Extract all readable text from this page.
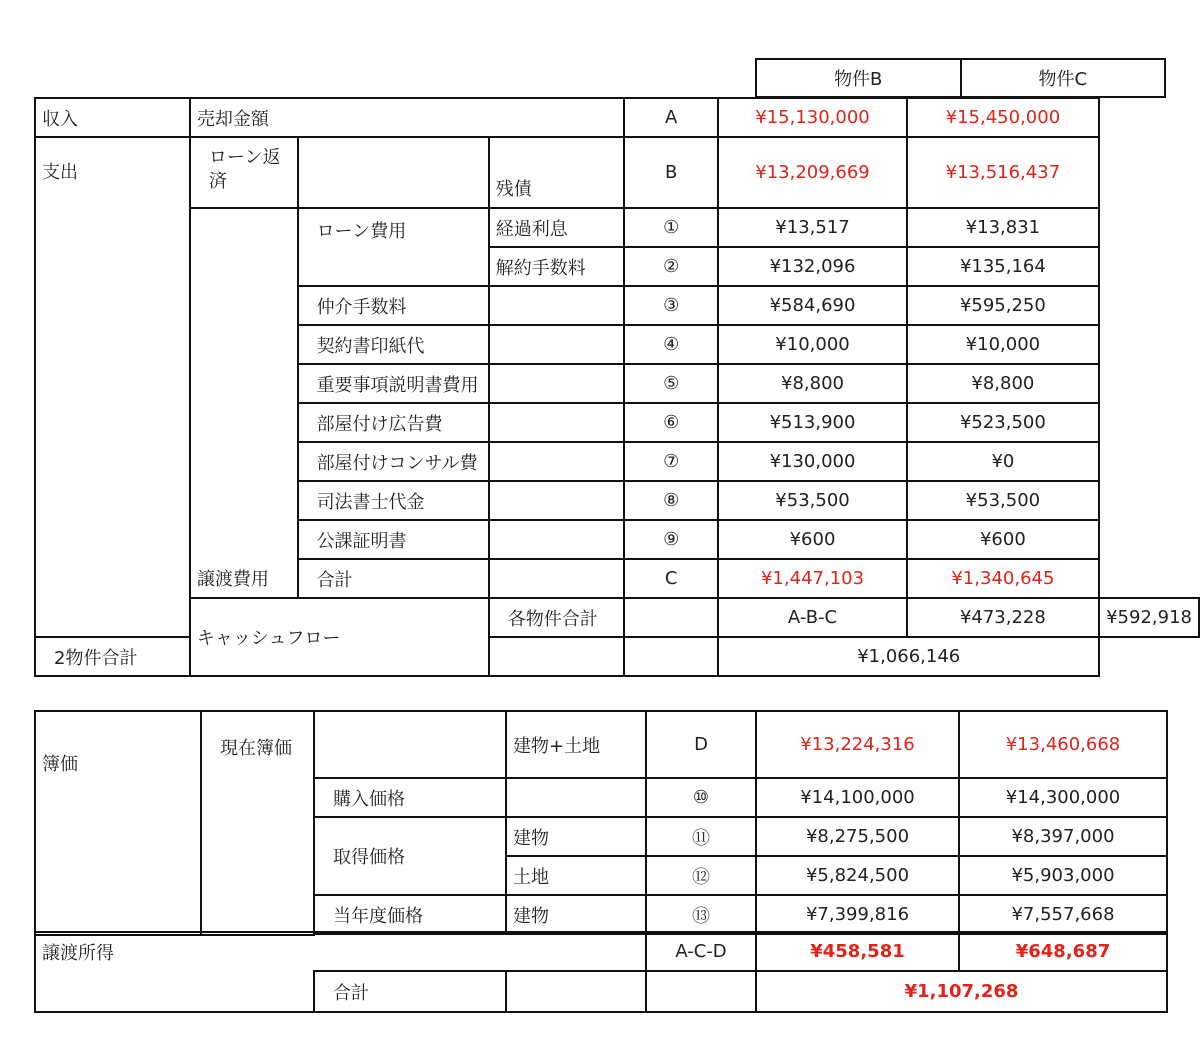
物件B	物件C
収入	売却金額			A	¥15,130,000	¥15,450,000	
支出	ローン返済		残債	B	¥13,209,669	¥13,516,437	
	譲渡費用	ローン費用	経過利息	①	¥13,517	¥13,831	
			解約手数料	②	¥132,096	¥135,164	
		仲介手数料		③	¥584,690	¥595,250	
		契約書印紙代		④	¥10,000	¥10,000	
		重要事項説明書費用		⑤	¥8,800	¥8,800	
		部屋付け広告費		⑥	¥513,900	¥523,500	
		部屋付けコンサル費		⑦	¥130,000	¥0	
		司法書士代金		⑧	¥53,500	¥53,500	
		公課証明書		⑨	¥600	¥600	
		合計		C	¥1,447,103	¥1,340,645	
	キャッシュフロー		各物件合計		A-B-C	¥473,228	¥592,918
2物件合計					¥1,066,146		
簿価	現在簿価		建物+土地	D	¥13,224,316	¥13,460,668
		購入価格		⑩	¥14,100,000	¥14,300,000
		取得価格	建物	⑪	¥8,275,500	¥8,397,000
			土地	⑫	¥5,824,500	¥5,903,000
		当年度価格	建物	⑬	¥7,399,816	¥7,557,668

譲渡所得			A-C-D	¥458,581	¥648,687
	合計			¥1,107,268	
